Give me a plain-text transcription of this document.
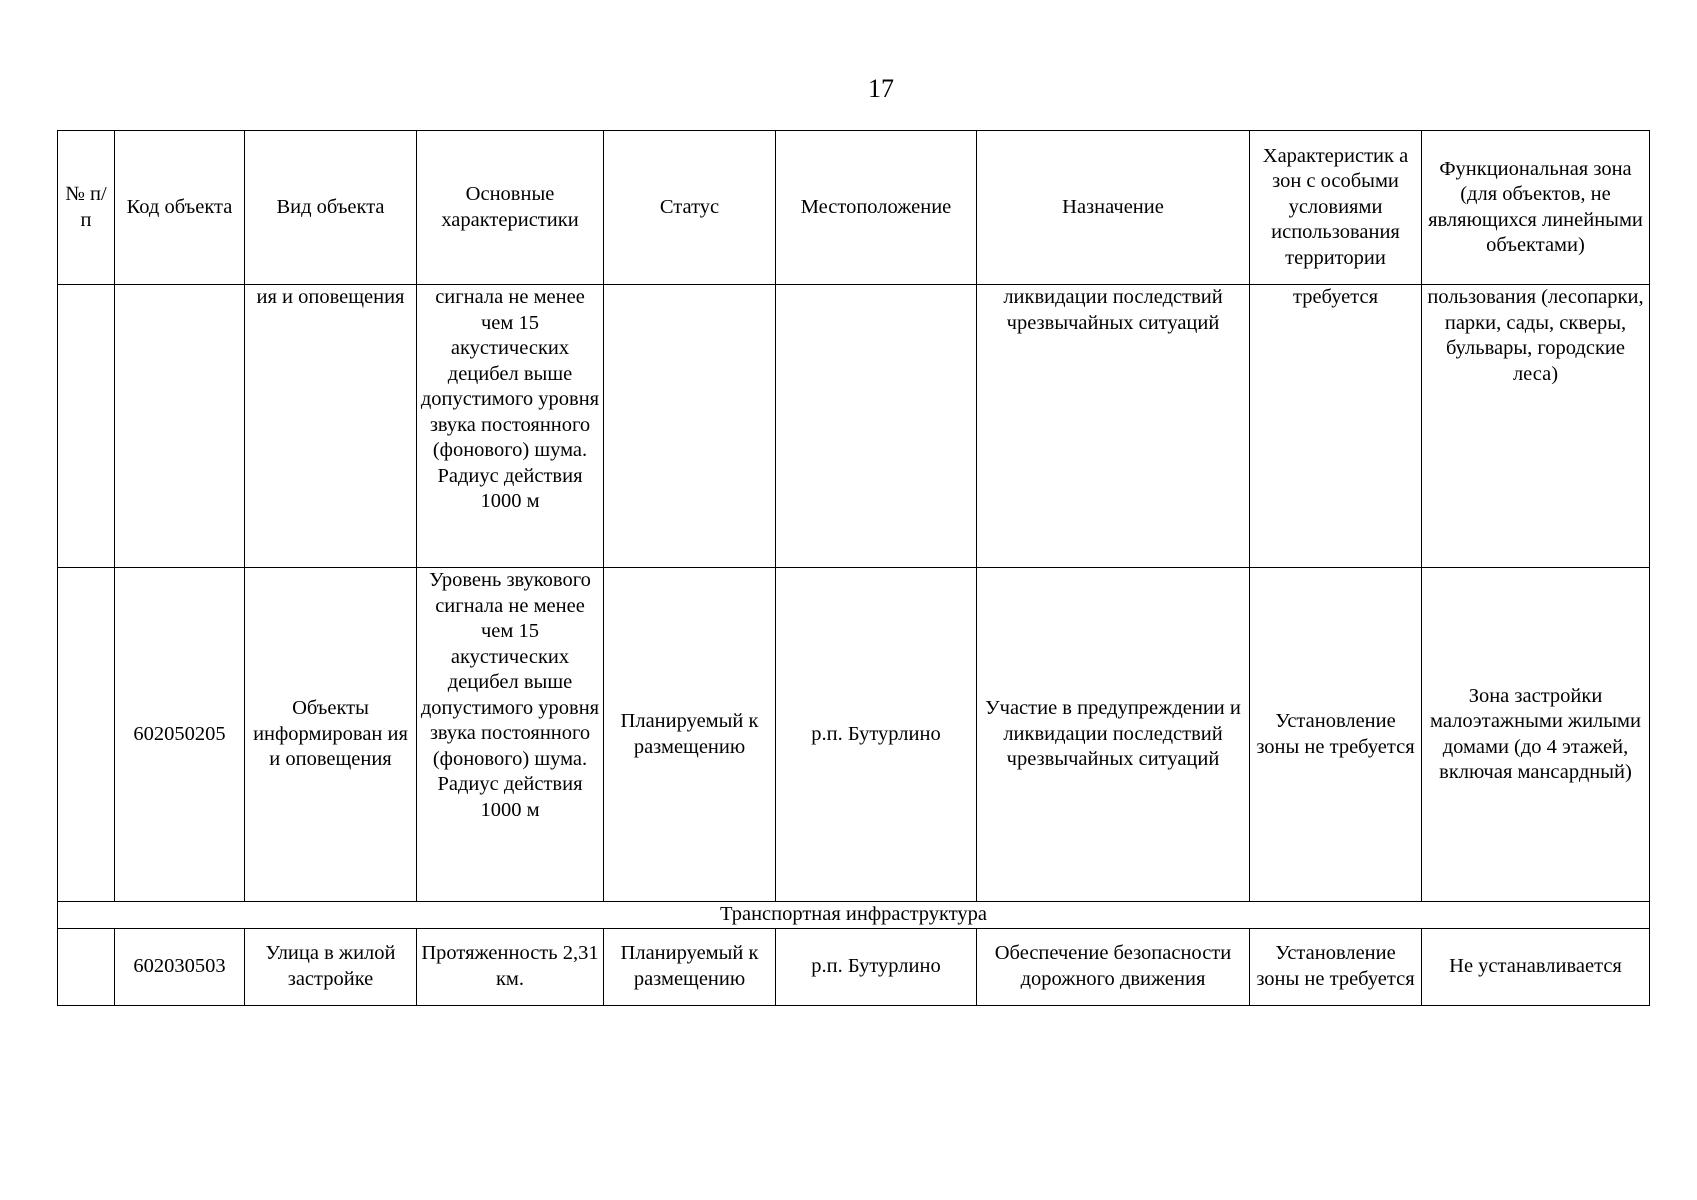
17
№ п/п	Код объекта	Вид объекта	Основные характеристики	Статус	Местоположение	Назначение	Характеристик а зон с особыми условиями использования территории	Функциональная зона (для объектов, не являющихся линейными объектами)
		ия и оповещения	сигнала не менее чем 15 акустических децибел выше допустимого уровня звука постоянного (фонового) шума. Радиус действия 1000 м			ликвидации последствий чрезвычайных ситуаций	требуется	пользования (лесопарки, парки, сады, скверы, бульвары, городские леса)
	602050205	Объекты информирован ия и оповещения	Уровень звукового сигнала не менее чем 15 акустических децибел выше допустимого уровня звука постоянного (фонового) шума. Радиус действия 1000 м	Планируемый к размещению	р.п. Бутурлино	Участие в предупреждении и ликвидации последствий чрезвычайных ситуаций	Установление зоны не требуется	Зона застройки малоэтажными жилыми домами (до 4 этажей, включая мансардный)
Транспортная инфраструктура								
	602030503	Улица в жилой застройке	Протяженность 2,31 км.	Планируемый к размещению	р.п. Бутурлино	Обеспечение безопасности дорожного движения	Установление зоны не требуется	Не устанавливается
